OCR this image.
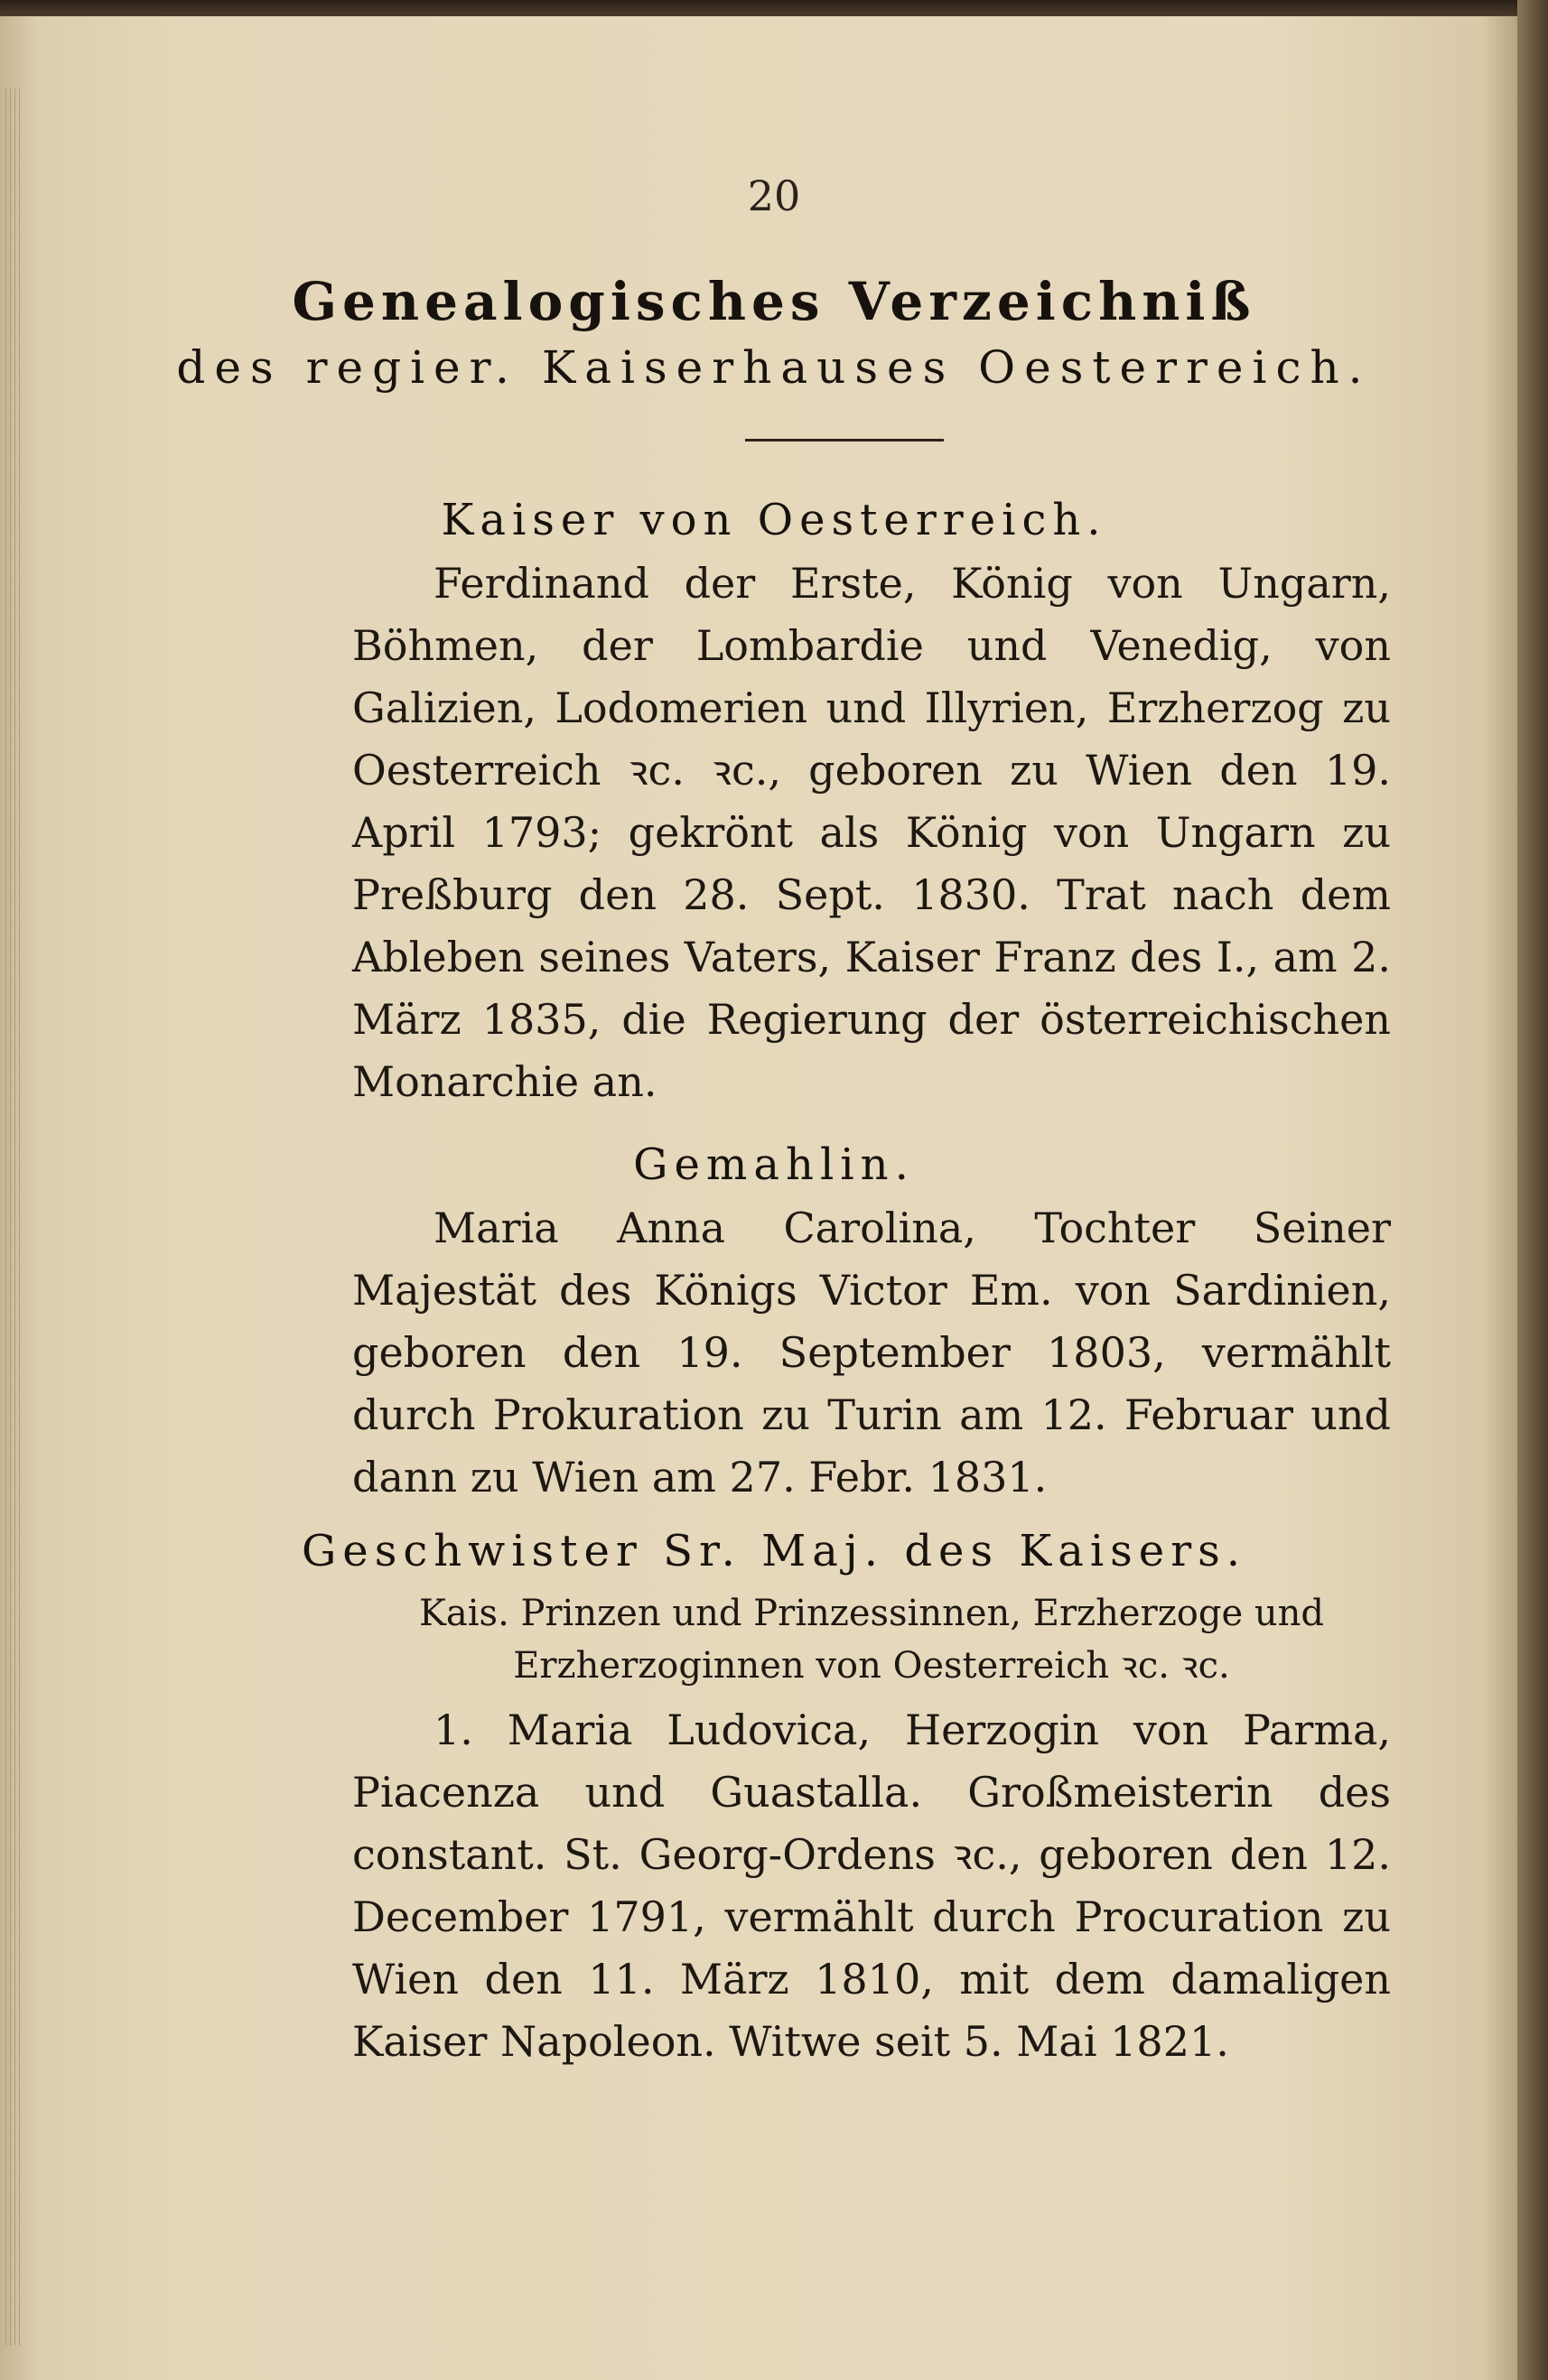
20
Genealogisches Verzeichniß
des regier. Kaiserhauses Oesterreich.
Kaiser von Oesterreich.
Ferdinand der Erste, König von Ungarn, Böhmen, der Lombardie und Venedig, von Galizien, Lodomerien und Illyrien, Erzherzog zu Oesterreich ꝛc. ꝛc., geboren zu Wien den 19. April 1793; gekrönt als König von Ungarn zu Preßburg den 28. Sept. 1830. Trat nach dem Ableben seines Vaters, Kaiser Franz des I., am 2. März 1835, die Regierung der österreichischen Monarchie an.
Gemahlin.
Maria Anna Carolina, Tochter Seiner Majestät des Königs Victor Em. von Sardinien, geboren den 19. September 1803, vermählt durch Prokuration zu Turin am 12. Februar und dann zu Wien am 27. Febr. 1831.
Geschwister Sr. Maj. des Kaisers.
Kais. Prinzen und Prinzessinnen, Erzherzoge und Erzherzoginnen von Oesterreich ꝛc. ꝛc.
1. Maria Ludovica, Herzogin von Parma, Piacenza und Guastalla. Großmeisterin des constant. St. Georg-Ordens ꝛc., geboren den 12. December 1791, vermählt durch Procuration zu Wien den 11. März 1810, mit dem damaligen Kaiser Napoleon. Witwe seit 5. Mai 1821.
